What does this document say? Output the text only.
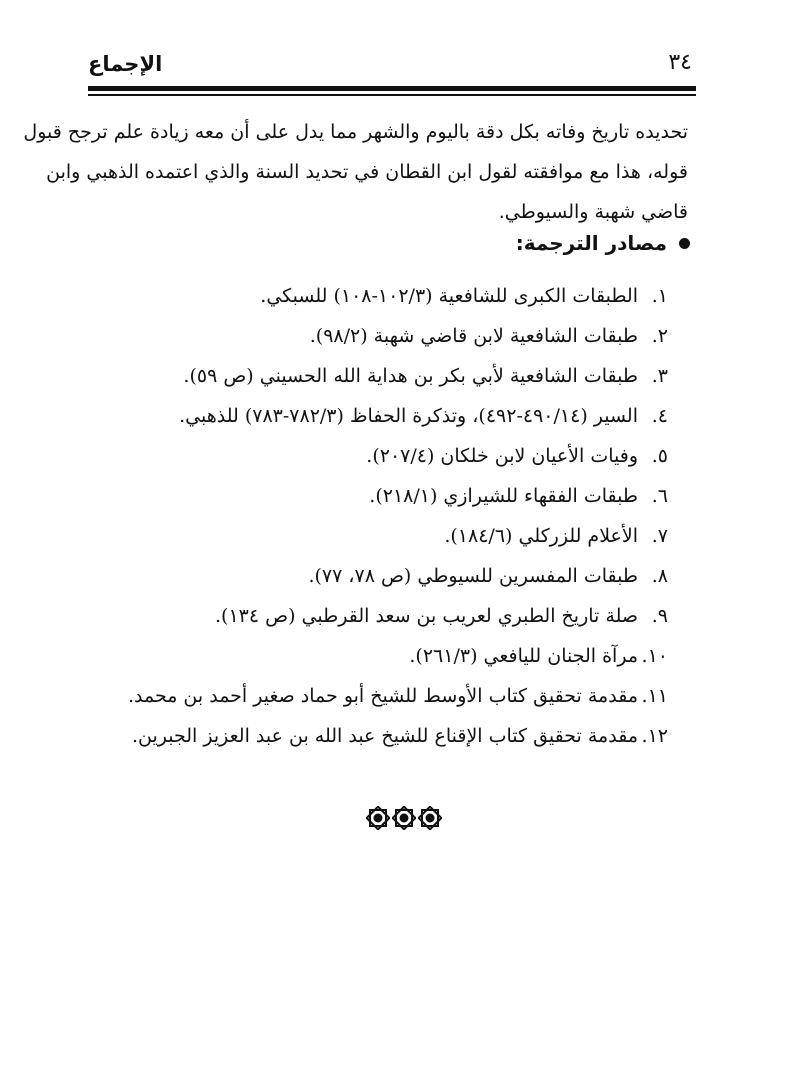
الإجماع	٣٤
تحديده تاريخ وفاته بكل دقة باليوم والشهر مما يدل على أن معه زيادة علم ترجح قبول
قوله، هذا مع موافقته لقول ابن القطان في تحديد السنة والذي اعتمده الذهبي وابن
قاضي شهبة والسيوطي.
مصادر الترجمة:
١.
الطبقات الكبرى للشافعية (١٠٢/٣-١٠٨) للسبكي.
٢.
طبقات الشافعية لابن قاضي شهبة (٩٨/٢).
٣.
طبقات الشافعية لأبي بكر بن هداية الله الحسيني (ص ٥٩).
٤.
السير (٤٩٠/١٤-٤٩٢)، وتذكرة الحفاظ (٧٨٢/٣-٧٨٣) للذهبي.
٥.
وفيات الأعيان لابن خلكان (٢٠٧/٤).
٦.
طبقات الفقهاء للشيرازي (٢١٨/١).
٧.
الأعلام للزركلي (١٨٤/٦).
٨.
طبقات المفسرين للسيوطي (ص ٧٨، ٧٧).
٩.
صلة تاريخ الطبري لعريب بن سعد القرطبي (ص ١٣٤).
١٠.
مرآة الجنان لليافعي (٢٦١/٣).
١١.
مقدمة تحقيق كتاب الأوسط للشيخ أبو حماد صغير أحمد بن محمد.
١٢.
مقدمة تحقيق كتاب الإقناع للشيخ عبد الله بن عبد العزيز الجبرين.
